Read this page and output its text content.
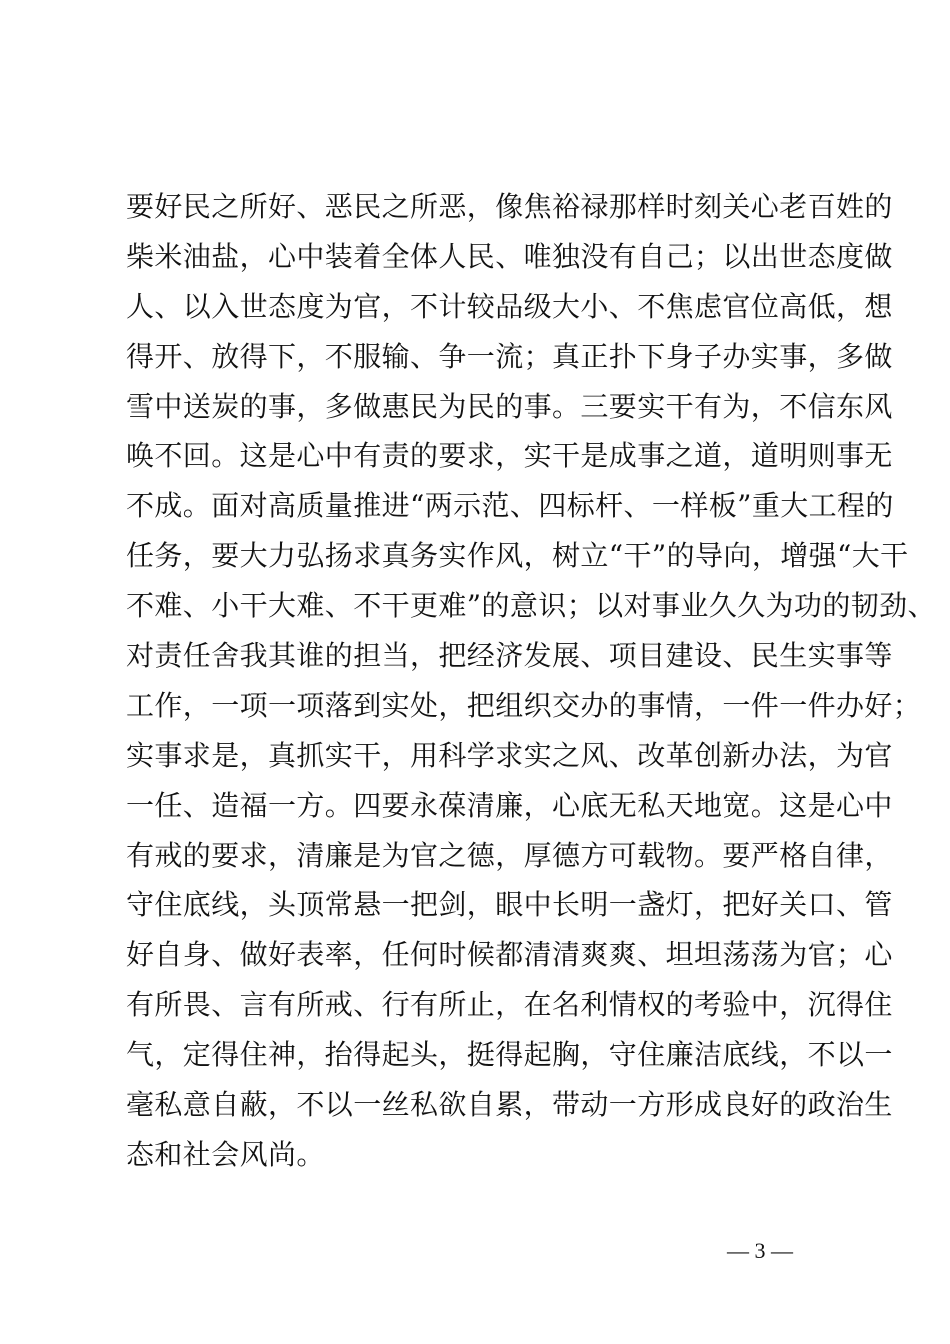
要好民之所好、恶民之所恶，像焦裕禄那样时刻关心老百姓的
柴米油盐，心中装着全体人民、唯独没有自己；以出世态度做
人、以入世态度为官，不计较品级大小、不焦虑官位高低，想
得开、放得下，不服输、争一流；真正扑下身子办实事，多做
雪中送炭的事，多做惠民为民的事。三要实干有为，不信东风
唤不回。这是心中有责的要求，实干是成事之道，道明则事无
不成。面对高质量推进“两示范、四标杆、一样板”重大工程的
任务，要大力弘扬求真务实作风，树立“干”的导向，增强“大干
不难、小干大难、不干更难”的意识；以对事业久久为功的韧劲、
对责任舍我其谁的担当，把经济发展、项目建设、民生实事等
工作，一项一项落到实处，把组织交办的事情，一件一件办好；
实事求是，真抓实干，用科学求实之风、改革创新办法，为官
一任、造福一方。四要永葆清廉，心底无私天地宽。这是心中
有戒的要求，清廉是为官之德，厚德方可载物。要严格自律，
守住底线，头顶常悬一把剑，眼中长明一盏灯，把好关口、管
好自身、做好表率，任何时候都清清爽爽、坦坦荡荡为官；心
有所畏、言有所戒、行有所止，在名利情权的考验中，沉得住
气，定得住神，抬得起头，挺得起胸，守住廉洁底线，不以一
毫私意自蔽，不以一丝私欲自累，带动一方形成良好的政治生
态和社会风尚。
— 3 —
